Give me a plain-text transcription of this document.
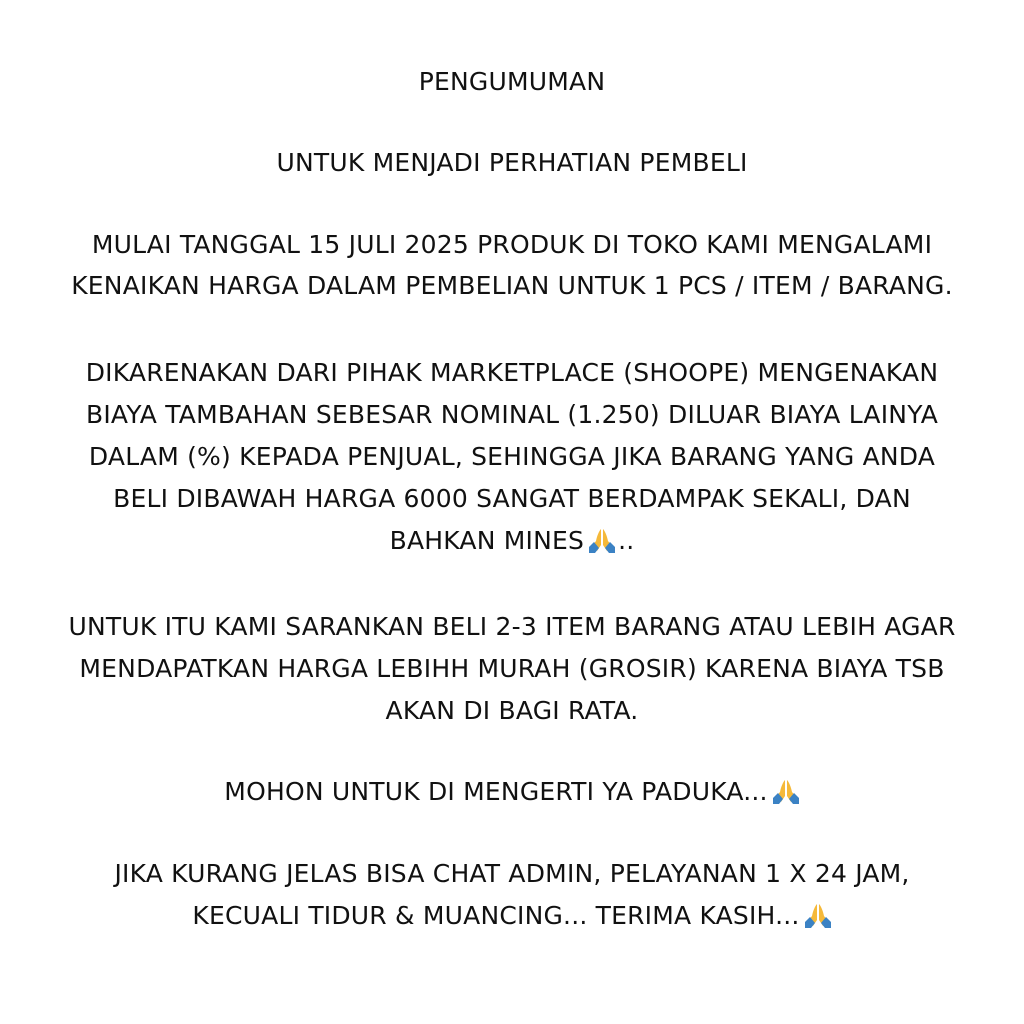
PENGUMUMAN
UNTUK MENJADI PERHATIAN PEMBELI
MULAI TANGGAL 15 JULI 2025 PRODUK DI TOKO KAMI MENGALAMI
KENAIKAN HARGA DALAM PEMBELIAN UNTUK 1 PCS / ITEM / BARANG.
DIKARENAKAN DARI PIHAK MARKETPLACE (SHOOPE) MENGENAKAN
BIAYA TAMBAHAN SEBESAR NOMINAL (1.250) DILUAR BIAYA LAINYA
DALAM (%) KEPADA PENJUAL, SEHINGGA JIKA BARANG YANG ANDA
BELI DIBAWAH HARGA 6000 SANGAT BERDAMPAK SEKALI, DAN
BAHKAN MINES ..
UNTUK ITU KAMI SARANKAN BELI 2-3 ITEM BARANG ATAU LEBIH AGAR
MENDAPATKAN HARGA LEBIHH MURAH (GROSIR) KARENA BIAYA TSB
AKAN DI BAGI RATA.
MOHON UNTUK DI MENGERTI YA PADUKA...
JIKA KURANG JELAS BISA CHAT ADMIN, PELAYANAN 1 X 24 JAM,
KECUALI TIDUR & MUANCING... TERIMA KASIH...
